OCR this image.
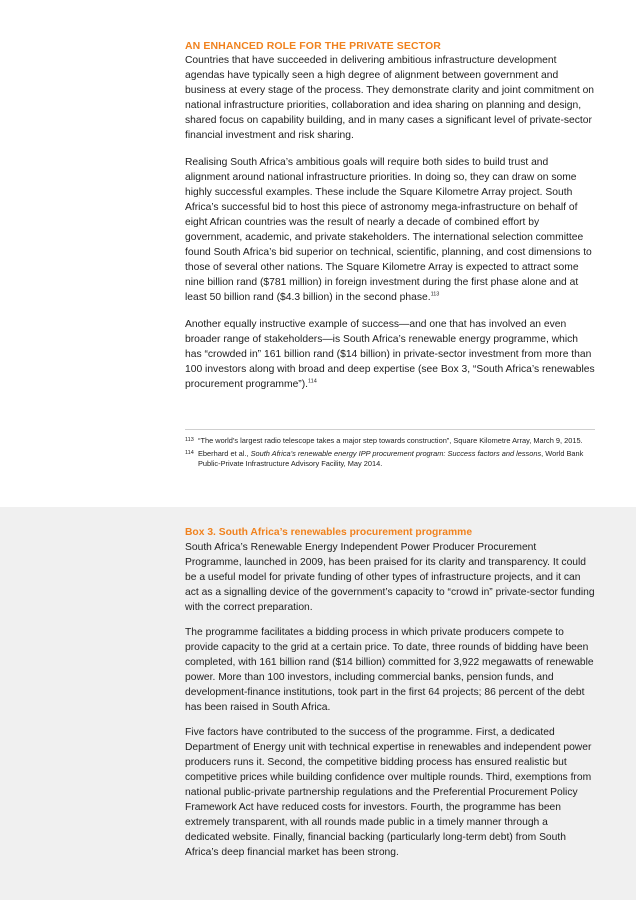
AN ENHANCED ROLE FOR THE PRIVATE SECTOR

Countries that have succeeded in delivering ambitious infrastructure development agendas have typically seen a high degree of alignment between government and business at every stage of the process. They demonstrate clarity and joint commitment on national infrastructure priorities, collaboration and idea sharing on planning and design, shared focus on capability building, and in many cases a significant level of private-sector financial investment and risk sharing.

Realising South Africa’s ambitious goals will require both sides to build trust and alignment around national infrastructure priorities. In doing so, they can draw on some highly successful examples. These include the Square Kilometre Array project. South Africa’s successful bid to host this piece of astronomy mega-infrastructure on behalf of eight African countries was the result of nearly a decade of combined effort by government, academic, and private stakeholders. The international selection committee found South Africa’s bid superior on technical, scientific, planning, and cost dimensions to those of several other nations. The Square Kilometre Array is expected to attract some nine billion rand ($781 million) in foreign investment during the first phase alone and at least 50 billion rand ($4.3 billion) in the second phase.$^{113}$

Another equally instructive example of success—and one that has involved an even broader range of stakeholders—is South Africa’s renewable energy programme, which has “crowded in” 161 billion rand ($14 billion) in private-sector investment from more than 100 investors along with broad and deep expertise (see Box 3, “South Africa’s renewables procurement programme”).$^{114}$

113 “The world’s largest radio telescope takes a major step towards construction”, Square Kilometre Array, March 9, 2015.
114 Eberhard et al., South Africa’s renewable energy IPP procurement program: Success factors and lessons, World Bank Public-Private Infrastructure Advisory Facility, May 2014.
Box 3. South Africa’s renewables procurement programme

South Africa’s Renewable Energy Independent Power Producer Procurement Programme, launched in 2009, has been praised for its clarity and transparency. It could be a useful model for private funding of other types of infrastructure projects, and it can act as a signalling device of the government’s capacity to “crowd in” private-sector funding with the correct preparation.

The programme facilitates a bidding process in which private producers compete to provide capacity to the grid at a certain price. To date, three rounds of bidding have been completed, with 161 billion rand ($14 billion) committed for 3,922 megawatts of renewable power. More than 100 investors, including commercial banks, pension funds, and development-finance institutions, took part in the first 64 projects; 86 percent of the debt has been raised in South Africa.

Five factors have contributed to the success of the programme. First, a dedicated Department of Energy unit with technical expertise in renewables and independent power producers runs it. Second, the competitive bidding process has ensured realistic but competitive prices while building confidence over multiple rounds. Third, exemptions from national public-private partnership regulations and the Preferential Procurement Policy Framework Act have reduced costs for investors. Fourth, the programme has been extremely transparent, with all rounds made public in a timely manner through a dedicated website. Finally, financial backing (particularly long-term debt) from South Africa’s deep financial market has been strong.
